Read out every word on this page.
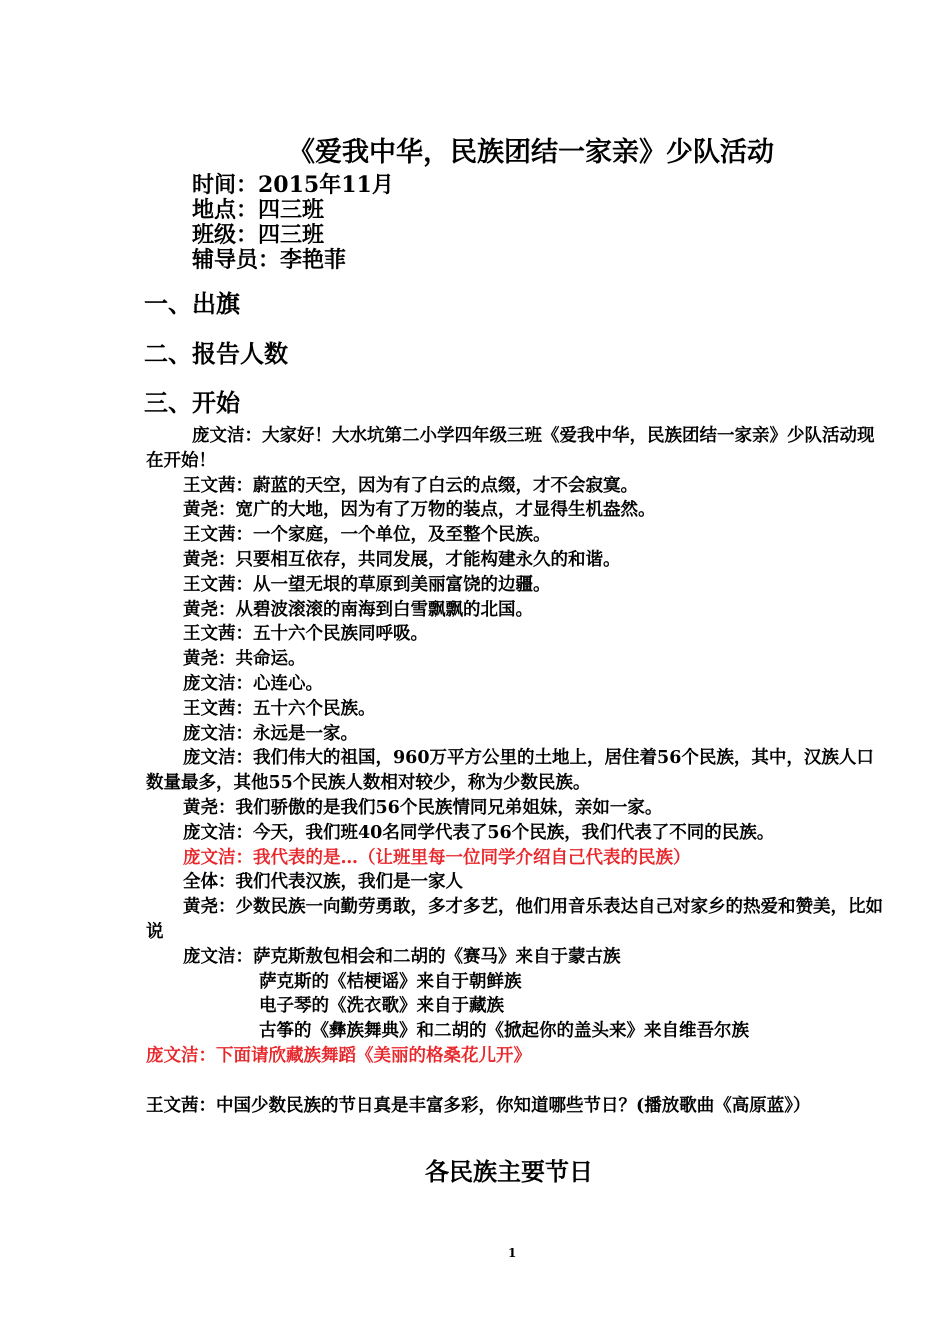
《爱我中华，民族团结一家亲》少队活动
时间：2015年11月
地点：四三班
班级：四三班
辅导员：李艳菲
一、出旗
二、报告人数
三、开始

庞文洁：大家好！大水坑第二小学四年级三班《爱我中华，民族团结一家亲》少队活动现在开始！

王文茜：蔚蓝的天空，因为有了白云的点缀，才不会寂寞。

黄尧：宽广的大地，因为有了万物的装点，才显得生机盎然。

王文茜：一个家庭，一个单位，及至整个民族。

黄尧：只要相互依存，共同发展，才能构建永久的和谐。

王文茜：从一望无垠的草原到美丽富饶的边疆。

黄尧：从碧波滚滚的南海到白雪飘飘的北国。

王文茜：五十六个民族同呼吸。

黄尧：共命运。

庞文洁：心连心。

王文茜：五十六个民族。

庞文洁：永远是一家。

庞文洁：我们伟大的祖国，960万平方公里的土地上，居住着56个民族，其中，汉族人口数量最多，其他55个民族人数相对较少，称为少数民族。

黄尧：我们骄傲的是我们56个民族情同兄弟姐妹，亲如一家。

庞文洁：今天，我们班40名同学代表了56个民族，我们代表了不同的民族。

庞文洁：我代表的是…（让班里每一位同学介绍自己代表的民族）

全体：我们代表汉族，我们是一家人

黄尧：少数民族一向勤劳勇敢，多才多艺，他们用音乐表达自己对家乡的热爱和赞美，比如说

庞文洁：萨克斯敖包相会和二胡的《赛马》来自于蒙古族

萨克斯的《桔梗谣》来自于朝鲜族

电子琴的《洗衣歌》来自于藏族

古筝的《彝族舞典》和二胡的《掀起你的盖头来》来自维吾尔族

庞文洁：下面请欣藏族舞蹈《美丽的格桑花儿开》

王文茜：中国少数民族的节日真是丰富多彩，你知道哪些节日？(播放歌曲《高原蓝》）

各民族主要节日
1
